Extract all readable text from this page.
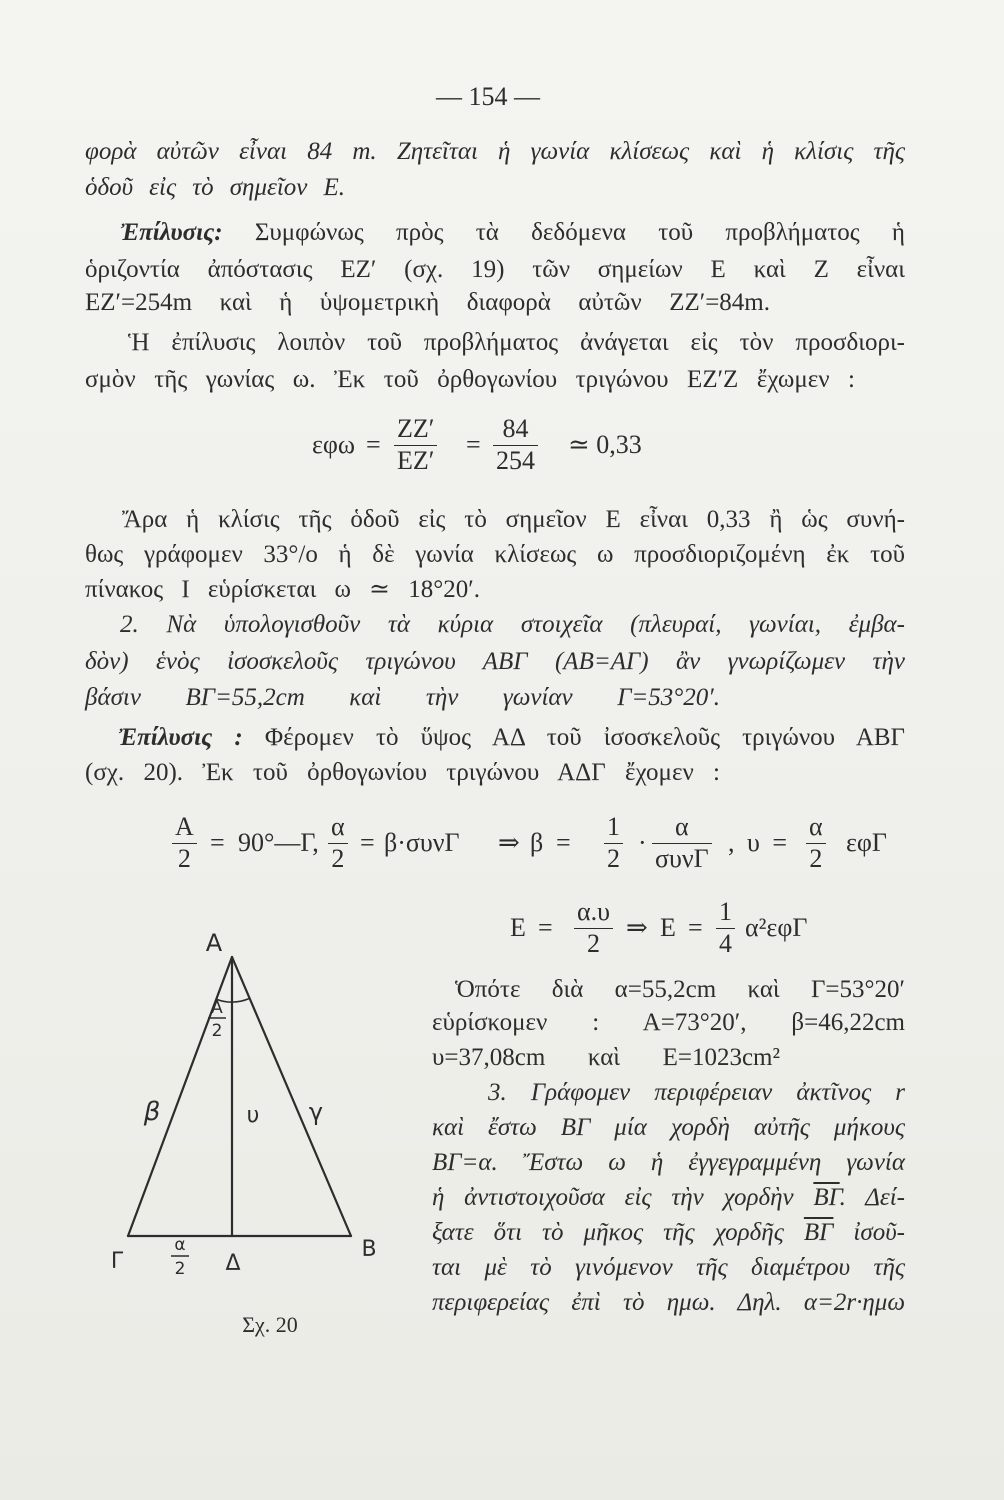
— 154 —
φορὰ αὐτῶν εἶναι 84 m. Ζητεῖται ἡ γωνία κλίσεως καὶ ἡ κλίσις τῆς
ὁδοῦ εἰς τὸ σημεῖον Ε.
Ἐπίλυσις: Συμφώνως πρὸς τὰ δεδόμενα τοῦ προβλήματος ἡ
ὁριζοντία ἀπόστασις ΕΖ′ (σχ. 19) τῶν σημείων Ε καὶ Ζ εἶναι
ΕΖ′=254m καὶ ἡ ὑψομετρικὴ διαφορὰ αὐτῶν ΖΖ′=84m.
Ἡ ἐπίλυσις λοιπὸν τοῦ προβλήματος ἀνάγεται εἰς τὸν προσδιορι-
σμὸν τῆς γωνίας ω. Ἐκ τοῦ ὀρθογωνίου τριγώνου ΕΖ′Ζ ἔχωμεν :
$\varepsilon\varphi\omega = \frac{ZZ'}{EZ'} = \frac{84}{254}$ ≃ 0,33
Ἄρα ἡ κλίσις τῆς ὁδοῦ εἰς τὸ σημεῖον Ε εἶναι 0,33 ἢ ὡς συνή-
θως γράφομεν 33°/ο ἡ δὲ γωνία κλίσεως ω προσδιοριζομένη ἐκ τοῦ
πίνακος Ι εὑρίσκεται ω ≃ 18°20′.
2. Νὰ ὑπολογισθοῦν τὰ κύρια στοιχεῖα (πλευραί, γωνίαι, ἐμβα-
δὸν) ἑνὸς ἰσοσκελοῦς τριγώνου ΑΒΓ (ΑΒ=ΑΓ) ἂν γνωρίζωμεν τὴν
βάσιν ΒΓ=55,2cm καὶ τὴν γωνίαν Γ=53°20′.
Ἐπίλυσις : Φέρομεν τὸ ὕψος ΑΔ τοῦ ἰσοσκελοῦς τριγώνου ΑΒΓ
(σχ. 20). Ἐκ τοῦ ὀρθογωνίου τριγώνου ΑΔΓ ἔχομεν :
$\frac{A}{2}$ = 90°—Γ, $\frac{\alpha}{2} = \beta\cdot\sigma\upsilon\nu\Gamma$ ⇒ $\beta = \frac{1}{2}$ ·
α
συνΓ
, $\upsilon = \frac{\alpha}{2}$ εφΓ
$E = \frac{\alpha.\upsilon}{2}$ ⇒ $E = \frac{1}{4} \alpha^2\varepsilon\varphi\Gamma$
Ὁπότε διὰ α=55,2cm καὶ Γ=53°20′
εὑρίσκομεν : Α=73°20′, β=46,22cm
υ=37,08cm καὶ Ε=1023cm²
3. Γράφομεν περιφέρειαν ἀκτῖνος r
καὶ ἔστω ΒΓ μία χορδὴ αὐτῆς μήκους
ΒΓ=α. Ἔστω ω ἡ ἐγγεγραμμένη γωνία
ἡ ἀντιστοιχοῦσα εἰς τὴν χορδὴν $\overline{B\Gamma}$. Δεί-
ξατε ὅτι τὸ μῆκος τῆς χορδῆς $\overline{B\Gamma}$ ἰσοῦ-
ται μὲ τὸ γινόμενον τῆς διαμέτρου τῆς
περιφερείας ἐπὶ τὸ ημω. Δηλ. α=2r·ημω
Α
Α
2
β	υ γ
Γ
α
2 Δ
Β
Σχ. 20
